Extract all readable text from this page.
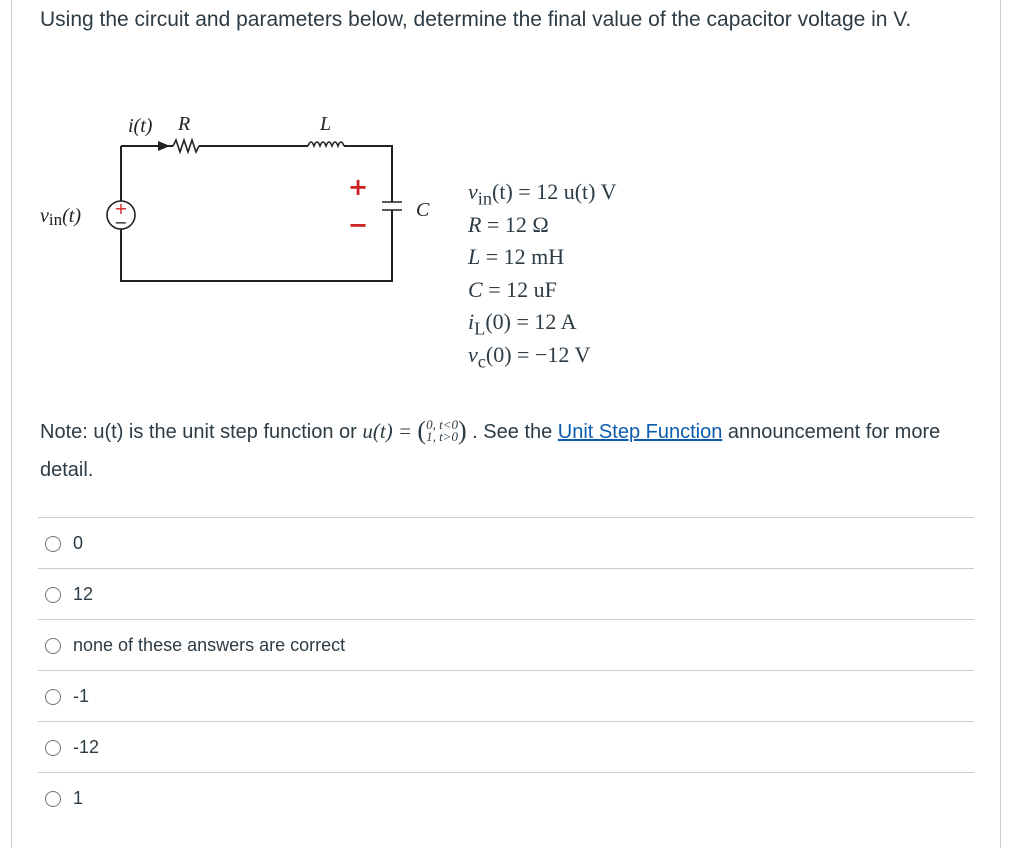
Using the circuit and parameters below, determine the final value of the capacitor voltage in V.
+
−
+
−
i(t) R	L
C
vin(t)
$v_{in}(t) = 12$ u(t) V
R = 12 Ω
L = 12 mH
C = 12 uF
$i_L(0) = 12$ A
$v_c(0) = -12$ V
Note: u(t) is the unit step function or u(t) = ( 0, t<0
1, t>0 ) . See the Unit Step Function announcement for more detail.
0
12
none of these answers are correct
-1
-12
1
